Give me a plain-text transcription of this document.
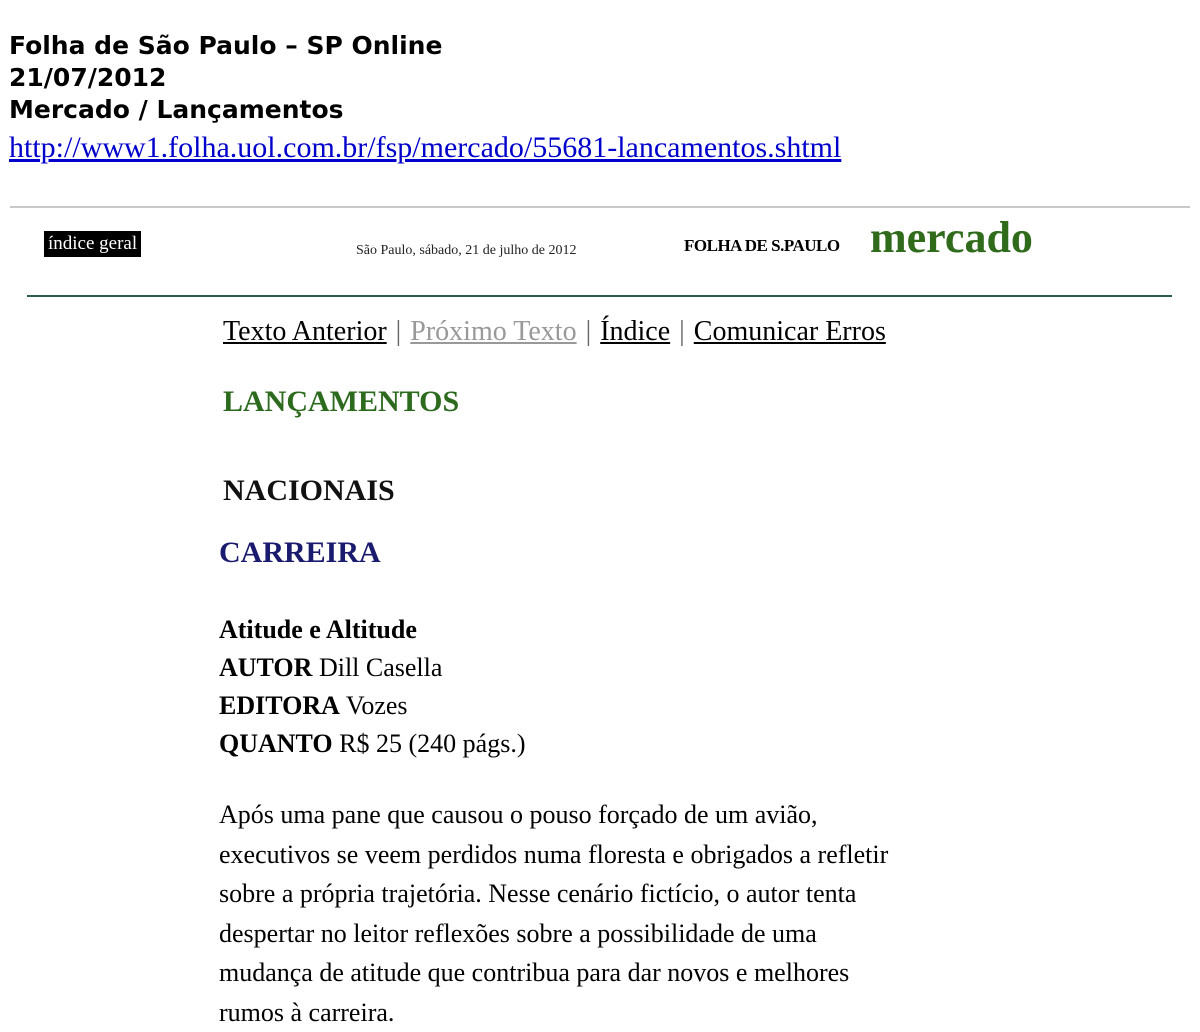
Folha de São Paulo – SP Online
21/07/2012
Mercado / Lançamentos
http://www1.folha.uol.com.br/fsp/mercado/55681-lancamentos.shtml
índice geral	São Paulo, sábado, 21 de julho de 2012	FOLHA DE S.PAULO mercado
Texto Anterior | Próximo Texto | Índice | Comunicar Erros
LANÇAMENTOS
NACIONAIS
CARREIRA
Atitude e Altitude
AUTOR Dill Casella
EDITORA Vozes
QUANTO R$ 25 (240 págs.)
Após uma pane que causou o pouso forçado de um avião,
executivos se veem perdidos numa floresta e obrigados a refletir
sobre a própria trajetória. Nesse cenário fictício, o autor tenta
despertar no leitor reflexões sobre a possibilidade de uma
mudança de atitude que contribua para dar novos e melhores
rumos à carreira.
